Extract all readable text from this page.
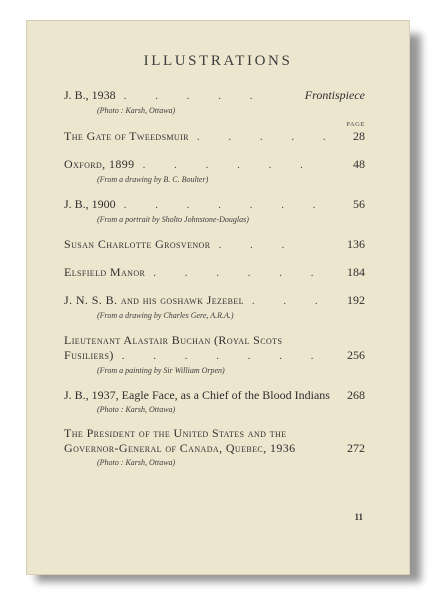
ILLUSTRATIONS
PAGE
J. B., 1938 . . . . .	Frontispiece
(Photo : Karsh, Ottawa)
The Gate of Tweedsmuir . . . . .	28
Oxford, 1899 . . . . . .	48
(From a drawing by B. C. Boulter)
J. B., 1900 . . . . . . .	56
(From a portrait by Sholto Johnstone-Douglas)
Susan Charlotte Grosvenor . . .	136
Elsfield Manor . . . . . .	184
J. N. S. B. and his goshawk Jezebel . . .	192
(From a drawing by Charles Gere, A.R.A.)
Lieutenant Alastair Buchan (Royal Scots
Fusiliers) . . . . . . .	256
(From a painting by Sir William Orpen)
J. B., 1937, Eagle Face, as a Chief of the Blood Indians	268
(Photo : Karsh, Ottawa)
The President of the United States and the
Governor-General of Canada, Quebec, 1936	272
(Photo : Karsh, Ottawa)
11
